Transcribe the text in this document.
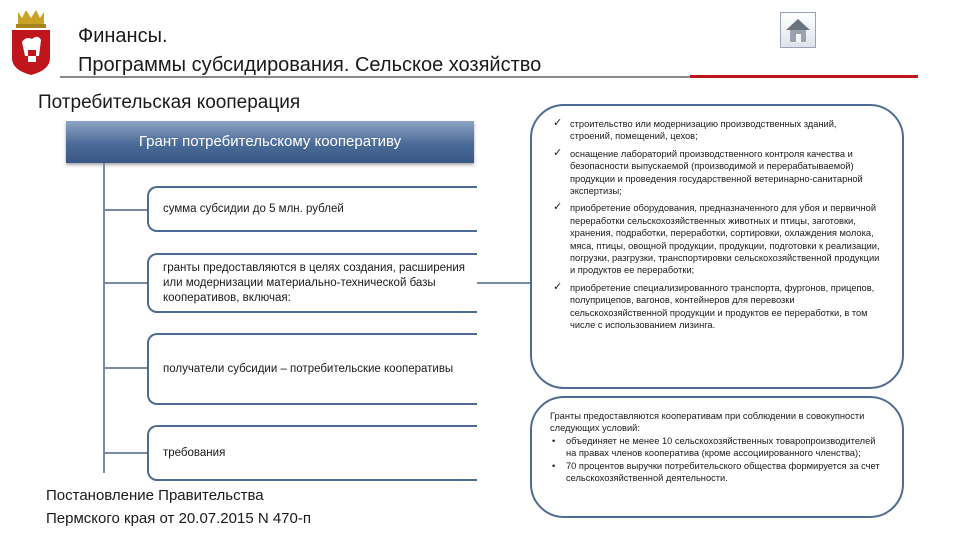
Финансы.
Программы субсидирования. Сельское хозяйство
Потребительская кооперация
Грант потребительскому кооперативу
сумма субсидии до 5 млн. рублей
гранты предоставляются в целях создания, расширения или модернизации материально-технической базы кооперативов, включая:
получатели субсидии – потребительские кооперативы
требования
✓ строительство или модернизацию производственных зданий, строений, помещений, цехов;
✓ оснащение лабораторий производственного контроля качества и безопасности выпускаемой (производимой и перерабатываемой) продукции и проведения государственной ветеринарно-санитарной экспертизы;
✓ приобретение оборудования, предназначенного для убоя и первичной переработки сельскохозяйственных животных и птицы, заготовки, хранения, подработки, переработки, сортировки, охлаждения молока, мяса, птицы, овощной продукции, продукции, подготовки к реализации, погрузки, разгрузки, транспортировки сельскохозяйственной продукции и продуктов ее переработки;
✓ приобретение специализированного транспорта, фургонов, прицепов, полуприцепов, вагонов, контейнеров для перевозки сельскохозяйственной продукции и продуктов ее переработки, в том числе с использованием лизинга.
Гранты предоставляются кооперативам при соблюдении в совокупности следующих условий:
• объединяет не менее 10 сельскохозяйственных товаропроизводителей на правах членов кооператива (кроме ассоциированного членства);
• 70 процентов выручки потребительского общества формируется за счет сельскохозяйственной деятельности.
Постановление Правительства
Пермского края от 20.07.2015 N 470-п
